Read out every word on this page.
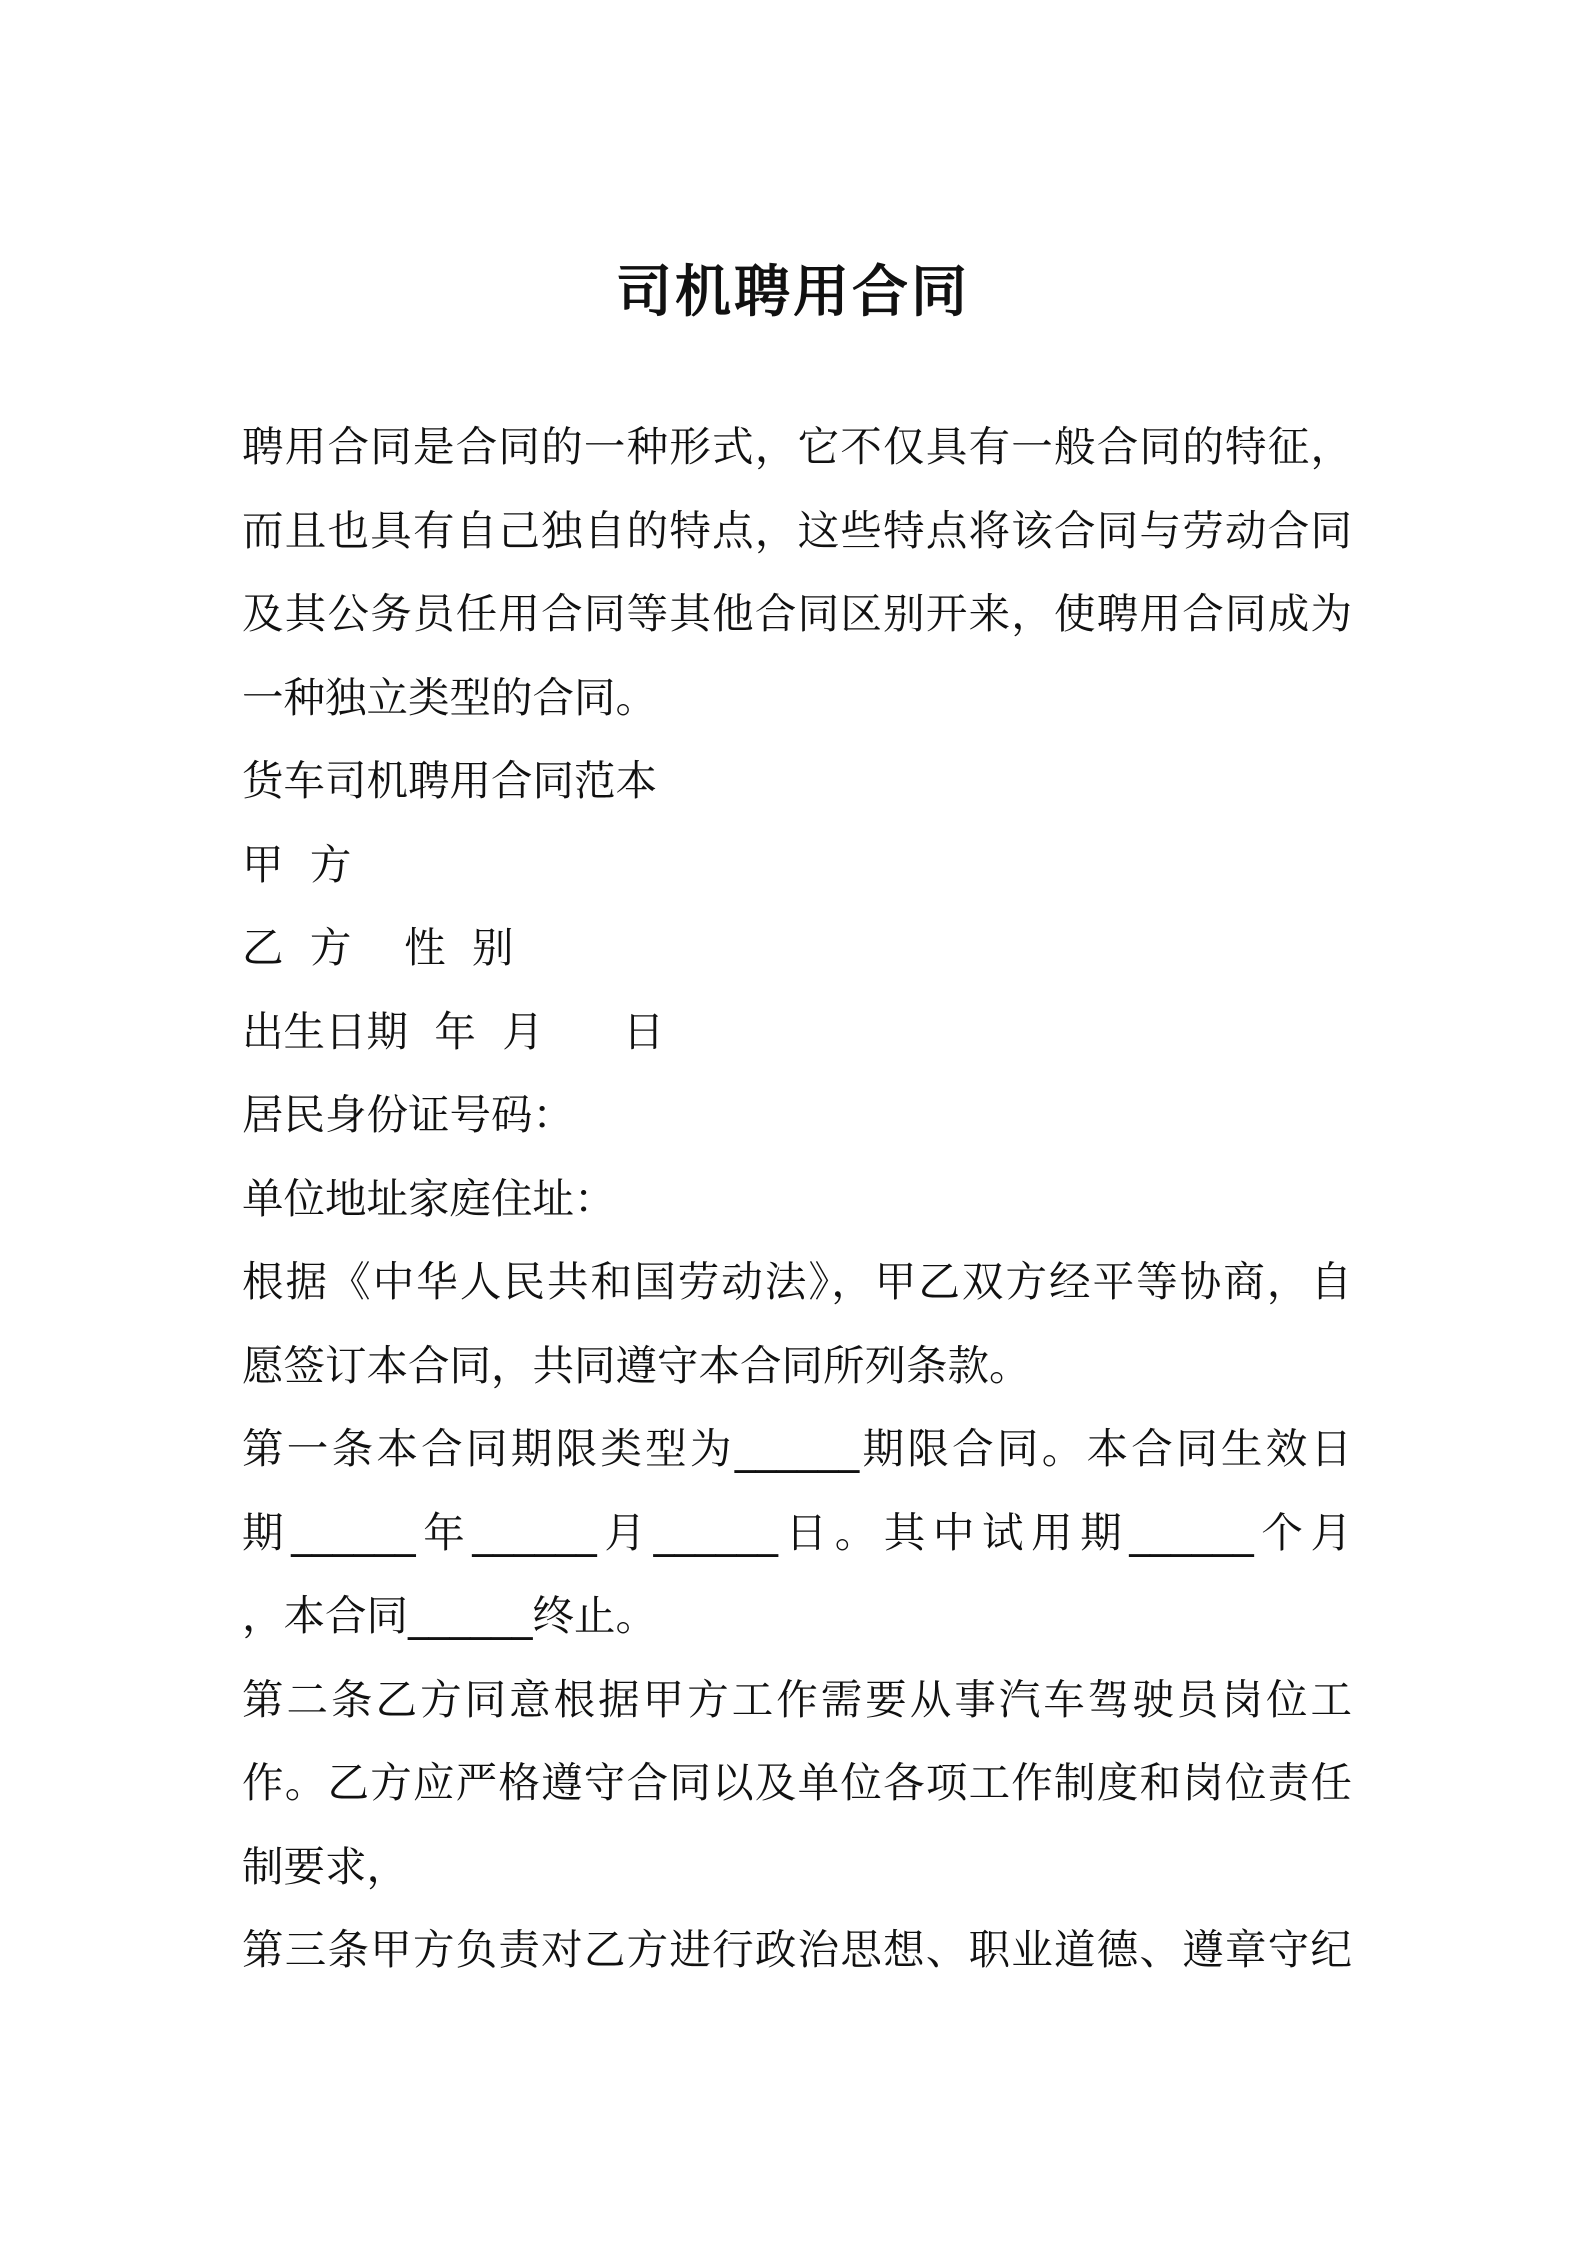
司机聘用合同
聘用合同是合同的一种形式，它不仅具有一般合同的特征，
而且也具有自己独自的特点，这些特点将该合同与劳动合同
及其公务员任用合同等其他合同区别开来，使聘用合同成为
一种独立类型的合同。
货车司机聘用合同范本
甲  方
乙  方    性  别
出生日期  年  月      日
居民身份证号码：
单位地址家庭住址：
根据《中华人民共和国劳动法》，甲乙双方经平等协商，自
愿签订本合同，共同遵守本合同所列条款。
第一条本合同期限类型为______期限合同。本合同生效日
期______年______月______日。其中试用期______个月
，本合同______终止。
第二条乙方同意根据甲方工作需要从事汽车驾驶员岗位工
作。乙方应严格遵守合同以及单位各项工作制度和岗位责任
制要求，
第三条甲方负责对乙方进行政治思想、职业道德、遵章守纪
